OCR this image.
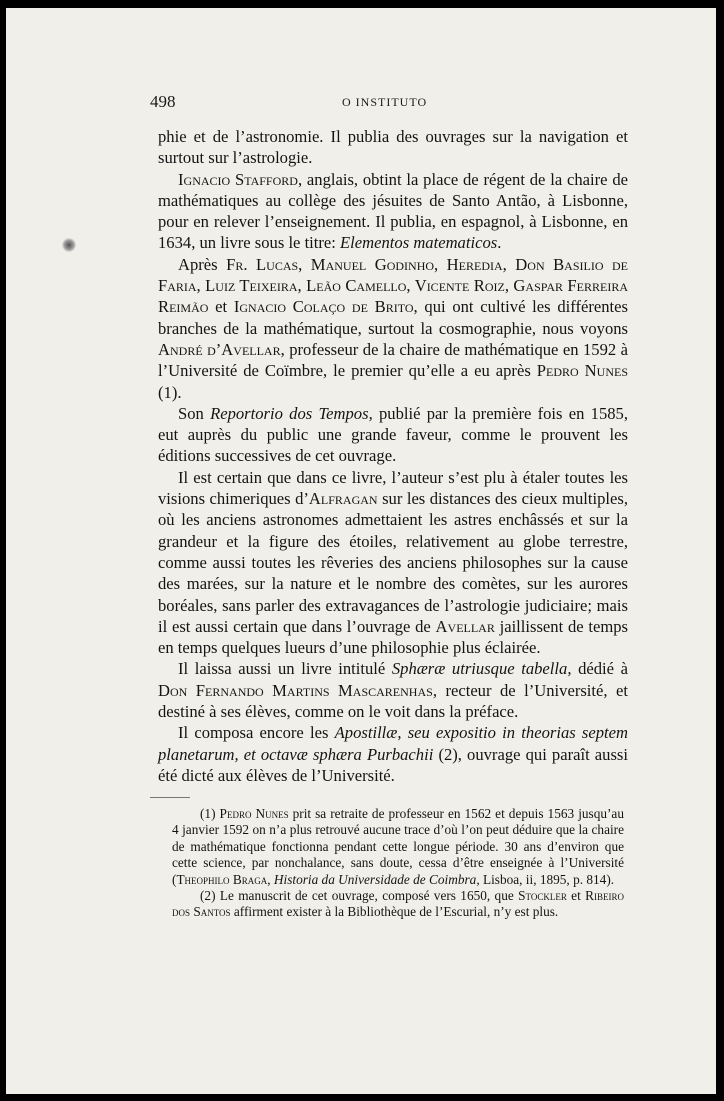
498	O INSTITUTO

phie et de l’astronomie. Il publia des ouvrages sur la navigation et surtout sur l’astrologie.

Ignacio Stafford, anglais, obtint la place de régent de la chaire de mathématiques au collège des jésuites de Santo Antão, à Lisbonne, pour en relever l’enseignement. Il publia, en espagnol, à Lisbonne, en 1634, un livre sous le titre: Elementos matematicos.

Après Fr. Lucas, Manuel Godinho, Heredia, Don Basilio de Faria, Luiz Teixeira, Leão Camello, Vicente Roiz, Gaspar Ferreira Reimão et Ignacio Colaço de Brito, qui ont cultivé les différentes branches de la mathématique, surtout la cosmographie, nous voyons André d’Avellar, professeur de la chaire de mathématique en 1592 à l’Université de Coïmbre, le premier qu’elle a eu après Pedro Nunes (1).

Son Reportorio dos Tempos, publié par la première fois en 1585, eut auprès du public une grande faveur, comme le prouvent les éditions successives de cet ouvrage.

Il est certain que dans ce livre, l’auteur s’est plu à étaler toutes les visions chimeriques d’Alfragan sur les distances des cieux multiples, où les anciens astronomes admettaient les astres enchâssés et sur la grandeur et la figure des étoiles, relativement au globe terrestre, comme aussi toutes les rêveries des anciens philosophes sur la cause des marées, sur la nature et le nombre des comètes, sur les aurores boréales, sans parler des extravagances de l’astrologie judiciaire; mais il est aussi certain que dans l’ouvrage de Avellar jaillissent de temps en temps quelques lueurs d’une philosophie plus éclairée.

Il laissa aussi un livre intitulé Sphæræ utriusque tabella, dédié à Don Fernando Martins Mascarenhas, recteur de l’Université, et destiné à ses élèves, comme on le voit dans la préface.

Il composa encore les Apostillæ, seu expositio in theorias septem planetarum, et octavæ sphæra Purbachii (2), ouvrage qui paraît aussi été dicté aux élèves de l’Université.

(1) Pedro Nunes prit sa retraite de professeur en 1562 et depuis 1563 jusqu’au 4 janvier 1592 on n’a plus retrouvé aucune trace d’où l’on peut déduire que la chaire de mathématique fonctionna pendant cette longue période. 30 ans d’environ que cette science, par nonchalance, sans doute, cessa d’être enseignée à l’Université (Theophilo Braga, Historia da Universidade de Coimbra, Lisboa, ii, 1895, p. 814).

(2) Le manuscrit de cet ouvrage, composé vers 1650, que Stockler et Ribeiro dos Santos affirment exister à la Bibliothèque de l’Escurial, n’y est plus.
